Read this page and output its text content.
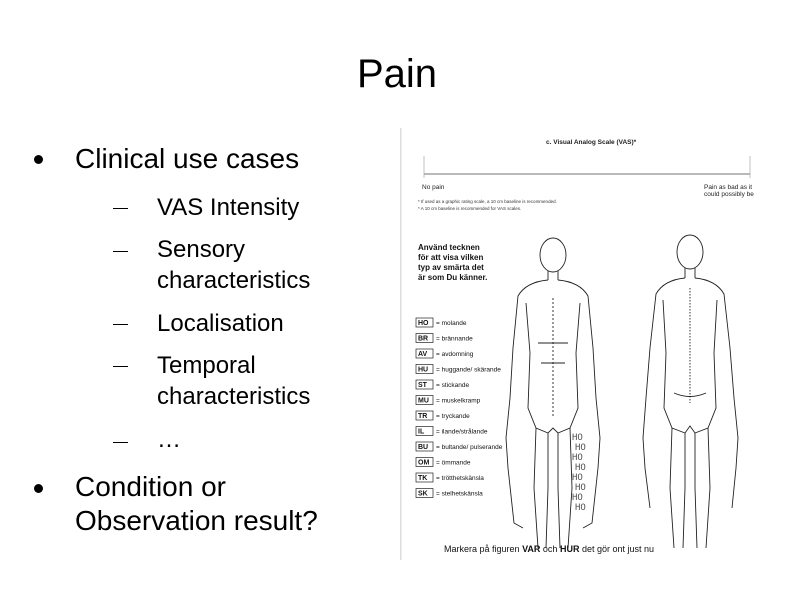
Pain
Clinical use cases
VAS Intensity
Sensory characteristics
Localisation
Temporal characteristics
…
Condition or Observation result?
c. Visual Analog Scale (VAS)*
No pain	Pain as bad as it could possibly be
* If used as a graphic rating scale, a 10 cm baseline is recommended.
* A 10 cm baseline is recommended for VAS scales.
Använd tecknen
för att visa vilken
typ av smärta det
är som Du känner.
HO = molande
BR = brännande
AV = avdomning
HU = huggande/ skärande
ST = stickande
MU = muskelkramp
TR = tryckande
IL = ilande/strålande
BU = bultande/ pulserande
OM = ömmande
TK = trötthetskänsla
SK = stelhetskänsla
HO
HO
HO
HO
HO
HO
HO
HO
Markera på figuren VAR och HUR det gör ont just nu
